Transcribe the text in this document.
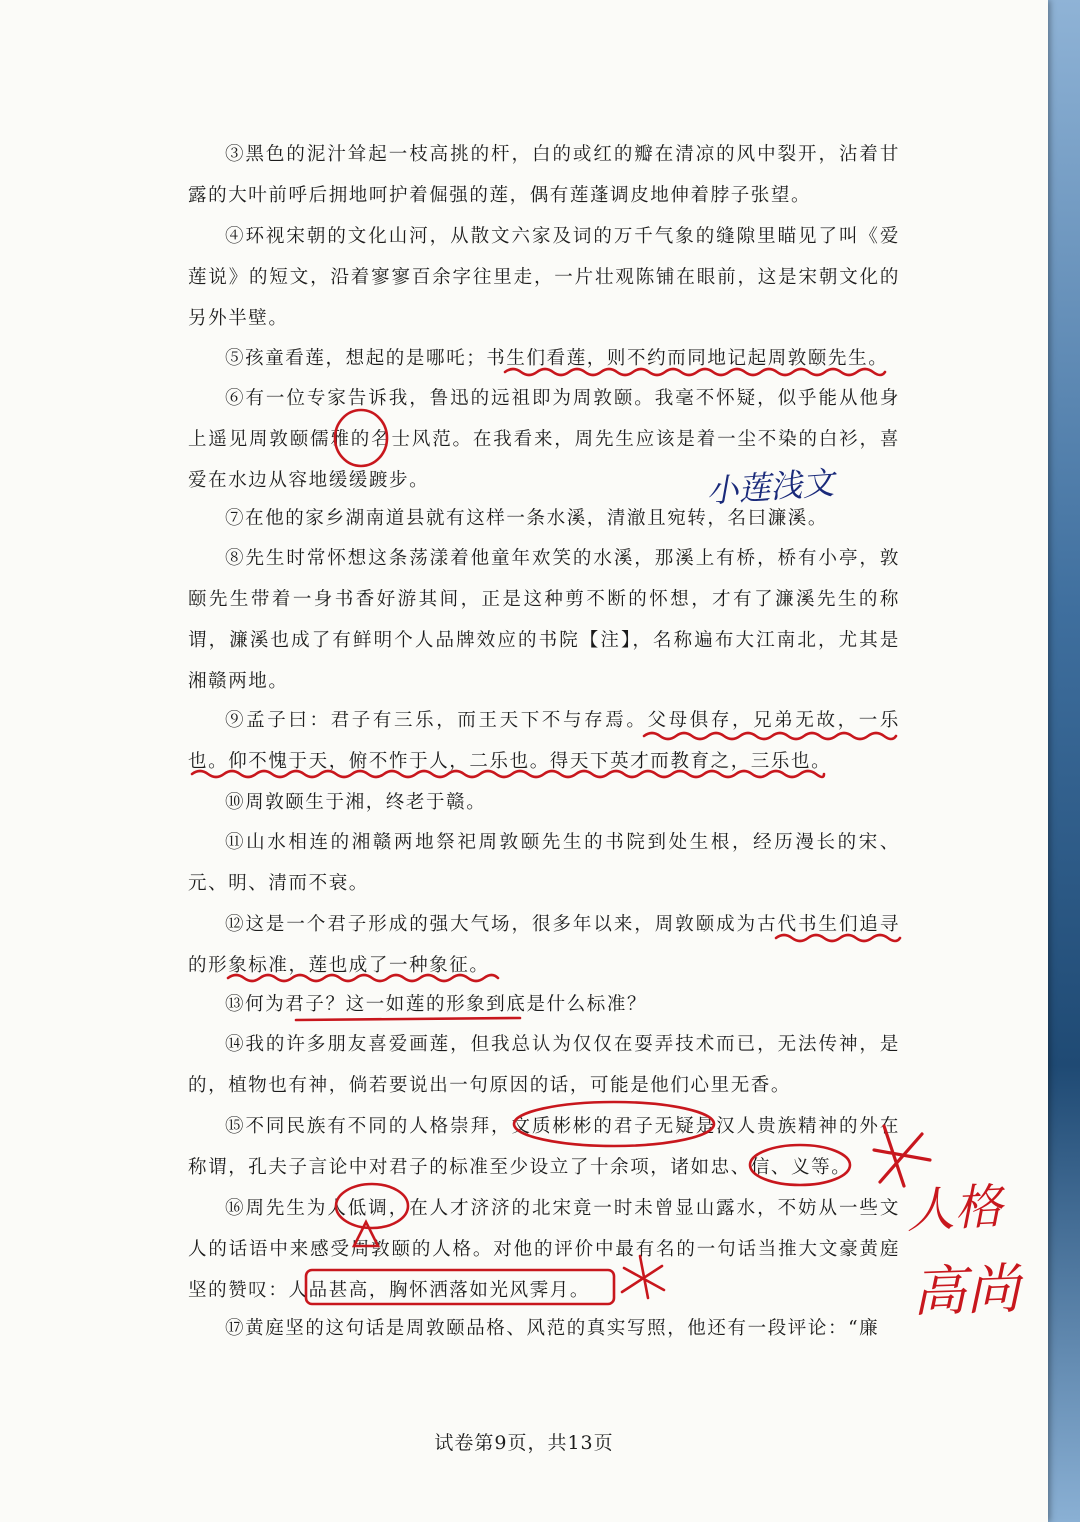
③黑色的泥汁耸起一枝高挑的杆，白的或红的瓣在清凉的风中裂开，沾着甘露的大叶前呼后拥地呵护着倔强的莲，偶有莲蓬调皮地伸着脖子张望。

④环视宋朝的文化山河，从散文六家及词的万千气象的缝隙里瞄见了叫《爱莲说》的短文，沿着寥寥百余字往里走，一片壮观陈铺在眼前，这是宋朝文化的另外半壁。

⑤孩童看莲，想起的是哪吒；书生们看莲，则不约而同地记起周敦颐先生。

⑥有一位专家告诉我，鲁迅的远祖即为周敦颐。我毫不怀疑，似乎能从他身上遥见周敦颐儒雅的名士风范。在我看来，周先生应该是着一尘不染的白衫，喜爱在水边从容地缓缓踱步。

⑦在他的家乡湖南道县就有这样一条水溪，清澈且宛转，名曰濂溪。

⑧先生时常怀想这条荡漾着他童年欢笑的水溪，那溪上有桥，桥有小亭，敦颐先生带着一身书香好游其间，正是这种剪不断的怀想，才有了濂溪先生的称谓，濂溪也成了有鲜明个人品牌效应的书院【注】，名称遍布大江南北，尤其是湘赣两地。

⑨孟子曰：君子有三乐，而王天下不与存焉。父母俱存，兄弟无故，一乐也。仰不愧于天，俯不怍于人，二乐也。得天下英才而教育之，三乐也。

⑩周敦颐生于湘，终老于赣。

⑪山水相连的湘赣两地祭祀周敦颐先生的书院到处生根，经历漫长的宋、元、明、清而不衰。

⑫这是一个君子形成的强大气场，很多年以来，周敦颐成为古代书生们追寻的形象标准，莲也成了一种象征。

⑬何为君子？这一如莲的形象到底是什么标准？

⑭我的许多朋友喜爱画莲，但我总认为仅仅在耍弄技术而已，无法传神，是的，植物也有神，倘若要说出一句原因的话，可能是他们心里无香。

⑮不同民族有不同的人格崇拜，文质彬彬的君子无疑是汉人贵族精神的外在称谓，孔夫子言论中对君子的标准至少设立了十余项，诸如忠、信、义等。

⑯周先生为人低调，在人才济济的北宋竟一时未曾显山露水，不妨从一些文人的话语中来感受周敦颐的人格。对他的评价中最有名的一句话当推大文豪黄庭坚的赞叹：人品甚高，胸怀洒落如光风霁月。

⑰黄庭坚的这句话是周敦颐品格、风范的真实写照，他还有一段评论：“廉

试卷第9页，共13页
小莲浅文
人格
高尚
